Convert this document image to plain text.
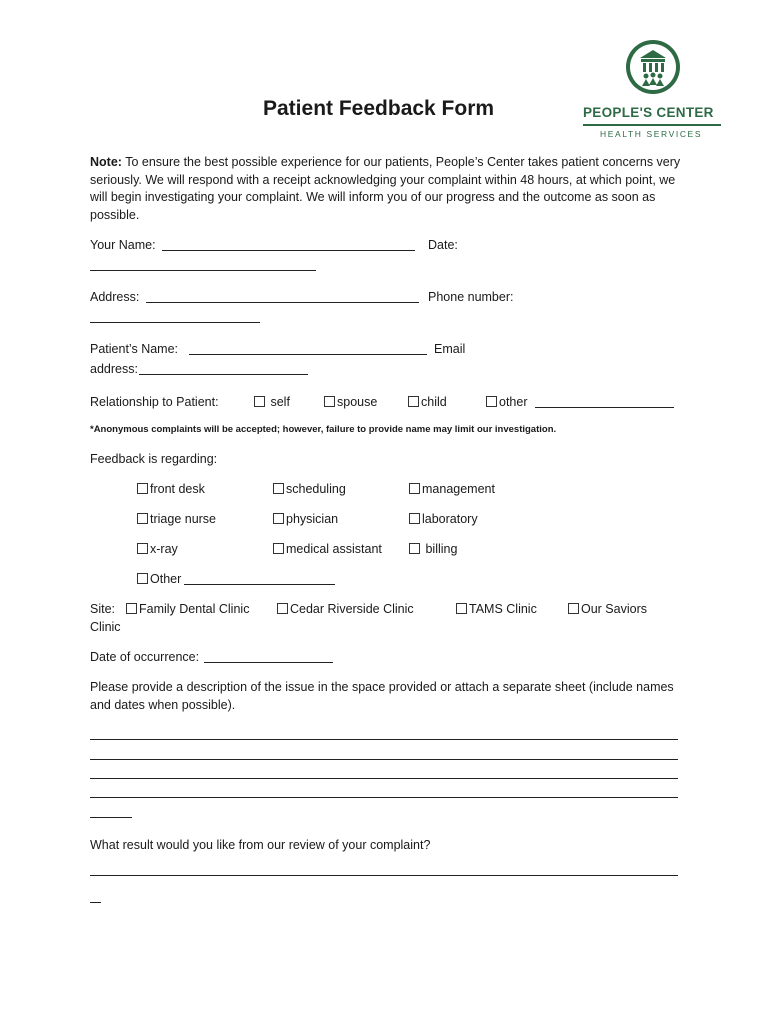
PEOPLE'S CENTER
HEALTH SERVICES
Patient Feedback Form
Note: To ensure the best possible experience for our patients, People’s Center takes patient concerns very seriously. We will respond with a receipt acknowledging your complaint within 48 hours, at which point, we will begin investigating your complaint. We will inform you of our progress and the outcome as soon as possible.
Your Name:	Date:
Address:	Phone number:
Patient’s Name:	Email
address:
Relationship to Patient:	self	spouse	child	other
*Anonymous complaints will be accepted; however, failure to provide name may limit our investigation.
Feedback is regarding:
front desk	scheduling	management
triage nurse	physician	laboratory
x-ray	medical assistant	billing
Other
Site:	Family Dental Clinic	Cedar Riverside Clinic	TAMS Clinic	Our Saviors
Clinic
Date of occurrence:
Please provide a description of the issue in the space provided or attach a separate sheet (include names and dates when possible).
What result would you like from our review of your complaint?
